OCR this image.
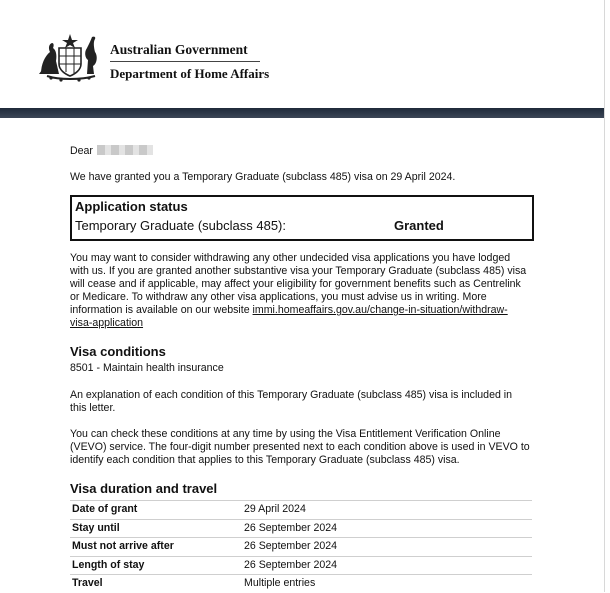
Australian Government
Department of Home Affairs
Dear
We have granted you a Temporary Graduate (subclass 485) visa on 29 April 2024.
Application status
Temporary Graduate (subclass 485):	Granted
You may want to consider withdrawing any other undecided visa applications you have lodged with us. If you are granted another substantive visa your Temporary Graduate (subclass 485) visa will cease and if applicable, may affect your eligibility for government benefits such as Centrelink or Medicare. To withdraw any other visa applications, you must advise us in writing. More information is available on our website immi.homeaffairs.gov.au/change-in-situation/withdraw-visa-application
Visa conditions
8501 - Maintain health insurance
An explanation of each condition of this Temporary Graduate (subclass 485) visa is included in this letter.
You can check these conditions at any time by using the Visa Entitlement Verification Online (VEVO) service. The four-digit number presented next to each condition above is used in VEVO to identify each condition that applies to this Temporary Graduate (subclass 485) visa.
Visa duration and travel
Date of grant	29 April 2024
Stay until	26 September 2024
Must not arrive after	26 September 2024
Length of stay	26 September 2024
Travel	Multiple entries
